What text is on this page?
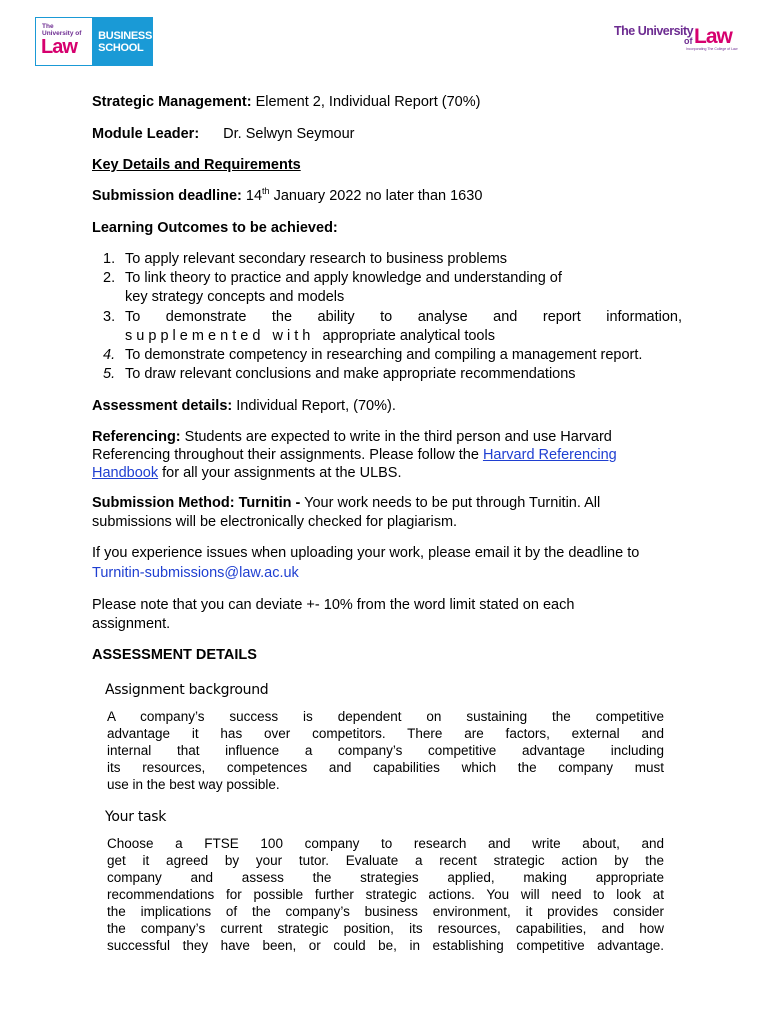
The
University of
Law	BUSINESS
SCHOOL
The University
of Law
Incorporating The College of Law
Strategic Management: Element 2, Individual Report (70%)
Module Leader: Dr. Selwyn Seymour
Key Details and Requirements
Submission deadline: 14th January 2022 no later than 1630
Learning Outcomes to be achieved:
1. To apply relevant secondary research to business problems
2. To link theory to practice and apply knowledge and understanding of
key strategy concepts and models
3. To demonstrate the ability to analyse and report information,
s u p p l e m e n t e d   w i t h   appropriate analytical tools
4. To demonstrate competency in researching and compiling a management report.
5. To draw relevant conclusions and make appropriate recommendations
Assessment details: Individual Report, (70%).
Referencing: Students are expected to write in the third person and use Harvard
Referencing throughout their assignments. Please follow the Harvard Referencing
Handbook for all your assignments at the ULBS.
Submission Method: Turnitin - Your work needs to be put through Turnitin. All
submissions will be electronically checked for plagiarism.
If you experience issues when uploading your work, please email it by the deadline to
Turnitin-submissions@law.ac.uk
Please note that you can deviate +- 10% from the word limit stated on each
assignment.
ASSESSMENT DETAILS
Assignment background
A company’s success is dependent on sustaining the competitive
advantage it has over competitors. There are factors, external and
internal that influence a company’s competitive advantage including
its resources, competences and capabilities which the company must
use in the best way possible.
Your task
Choose a FTSE 100 company to research and write about, and
get it agreed by your tutor. Evaluate a recent strategic action by the
company and assess the strategies applied, making appropriate
recommendations for possible further strategic actions. You will need to look at
the implications of the company’s business environment, it provides consider
the company’s current strategic position, its resources, capabilities, and how
successful they have been, or could be, in establishing competitive advantage.
